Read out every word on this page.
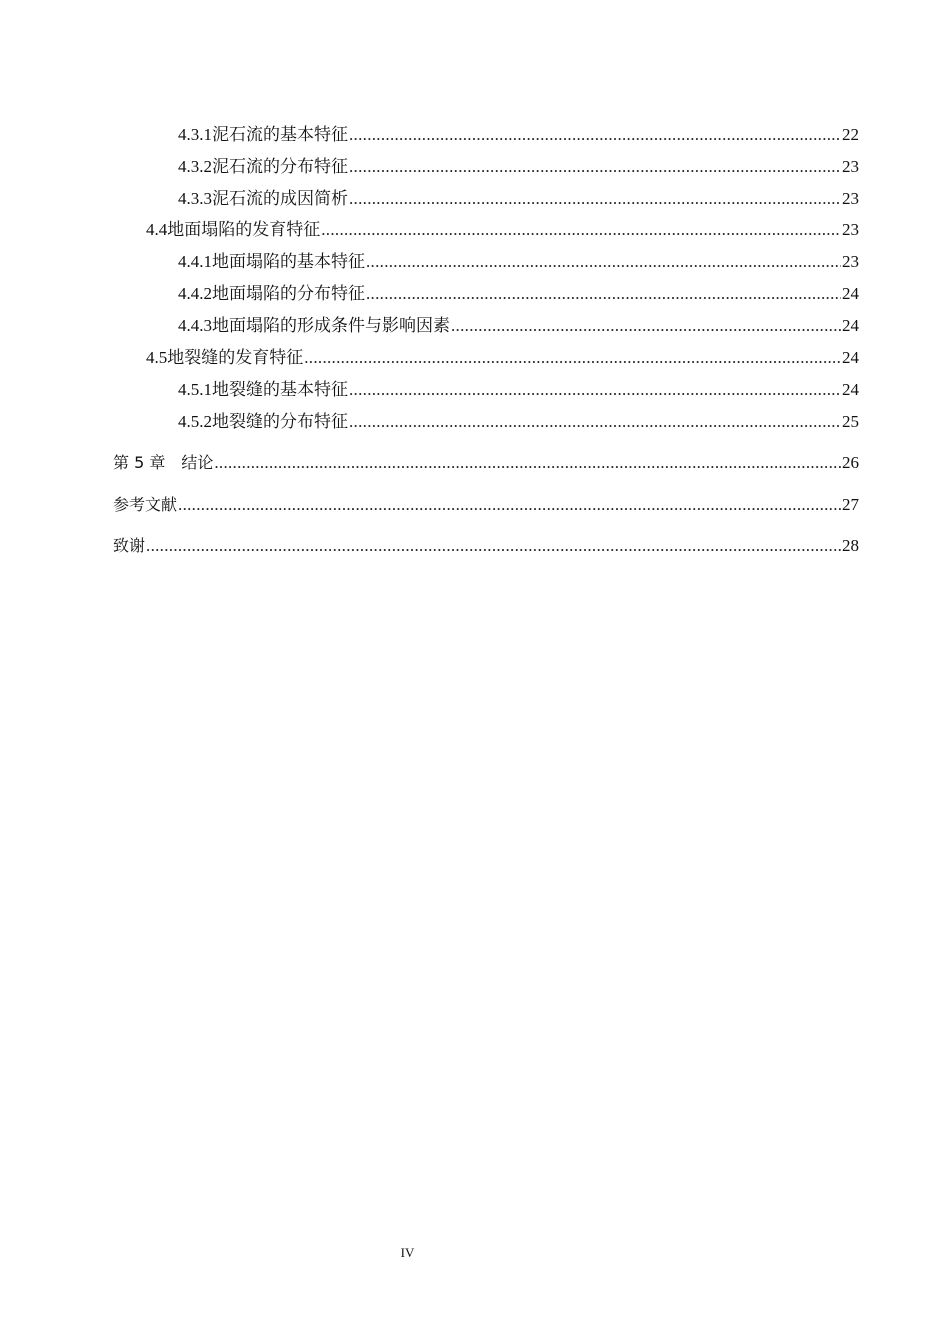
4.3.1 泥石流的基本特征 .....	22
4.3.2 泥石流的分布特征 .....	23
4.3.3 泥石流的成因简析 .....	23
4.4 地面塌陷的发育特征 .....	23
4.4.1 地面塌陷的基本特征 .....	23
4.4.2 地面塌陷的分布特征 .....	24
4.4.3 地面塌陷的形成条件与影响因素 .....	24
4.5 地裂缝的发育特征 .....	24
4.5.1 地裂缝的基本特征 .....	24
4.5.2 地裂缝的分布特征 .....	25
第 5 章　结论 .....	26
参考文献 .....	27
致谢 .....	28
IV
